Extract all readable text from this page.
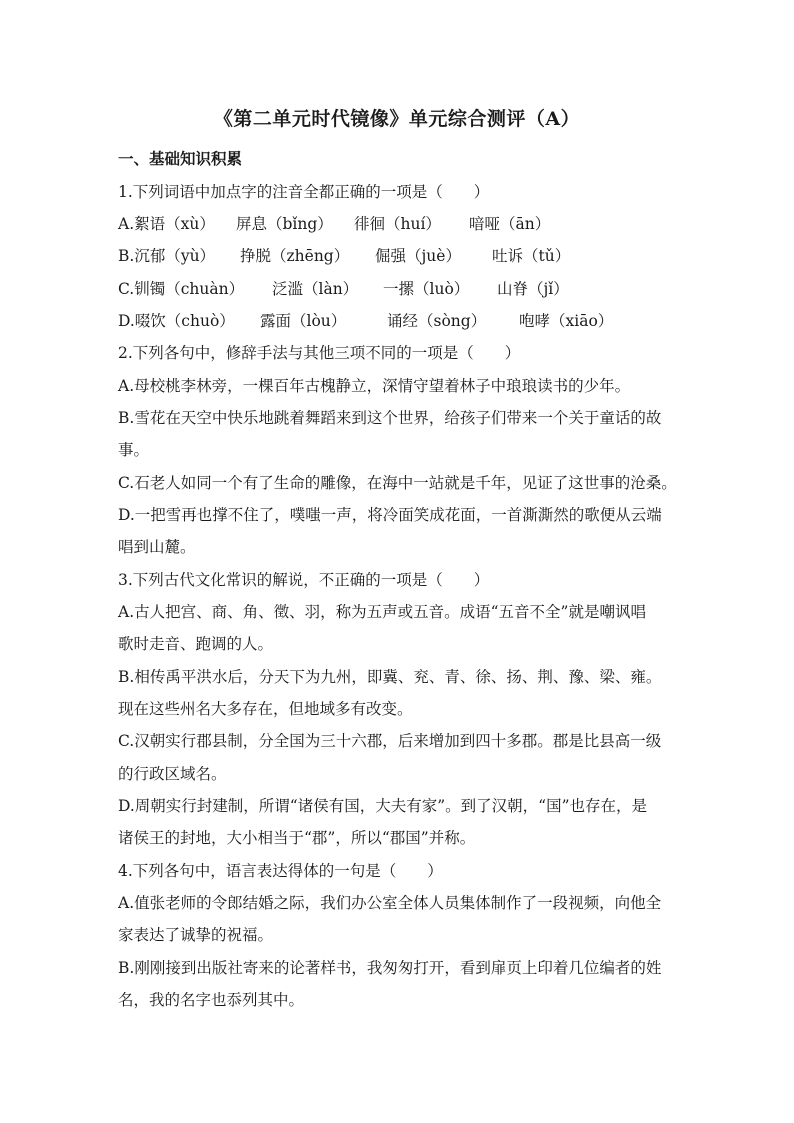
《第二单元时代镜像》单元综合测评（A）
一、基础知识积累
1.下列词语中加点字的注音全都正确的一项是（　　）
A.絮语（xù）	屏息（bǐng）	徘徊（huí）	喑哑（ān）
B.沉郁（yù）	挣脱（zhēng）	倔强（juè）	吐诉（tǔ）
C.钏镯（chuàn）	泛滥（làn）	一摞（luò）	山脊（jǐ）
D.啜饮（chuò）	露面（lòu）	诵经（sòng）	咆哮（xiāo）
2.下列各句中，修辞手法与其他三项不同的一项是（　　）
A.母校桃李林旁，一棵百年古槐静立，深情守望着林子中琅琅读书的少年。
B.雪花在天空中快乐地跳着舞蹈来到这个世界，给孩子们带来一个关于童话的故
事。
C.石老人如同一个有了生命的雕像，在海中一站就是千年，见证了这世事的沧桑。
D.一把雪再也撑不住了，噗嗤一声，将冷面笑成花面，一首澌澌然的歌便从云端
唱到山麓。
3.下列古代文化常识的解说，不正确的一项是（　　）
A.古人把宫、商、角、徵、羽，称为五声或五音。成语“五音不全”就是嘲讽唱
歌时走音、跑调的人。
B.相传禹平洪水后，分天下为九州，即冀、兖、青、徐、扬、荆、豫、梁、雍。
现在这些州名大多存在，但地域多有改变。
C.汉朝实行郡县制，分全国为三十六郡，后来增加到四十多郡。郡是比县高一级
的行政区域名。
D.周朝实行封建制，所谓“诸侯有国，大夫有家”。到了汉朝，“国”也存在，是
诸侯王的封地，大小相当于“郡”，所以“郡国”并称。
4.下列各句中，语言表达得体的一句是（　　）
A.值张老师的令郎结婚之际，我们办公室全体人员集体制作了一段视频，向他全
家表达了诚挚的祝福。
B.刚刚接到出版社寄来的论著样书，我匆匆打开，看到扉页上印着几位编者的姓
名，我的名字也忝列其中。
